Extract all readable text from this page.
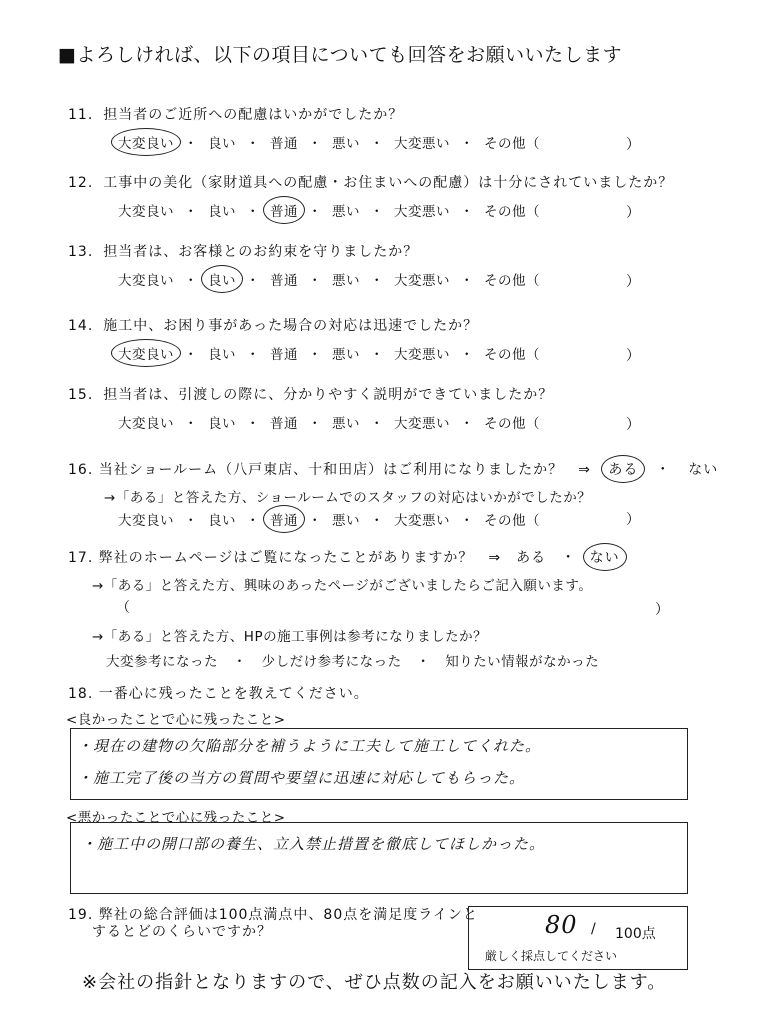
■よろしければ、以下の項目についても回答をお願いいたします
11. 担当者のご近所への配慮はいかがでしたか？
大変良い ・ 良い ・ 普通 ・ 悪い ・ 大変悪い ・ その他（	）
12. 工事中の美化（家財道具への配慮・お住まいへの配慮）は十分にされていましたか？
大変良い ・ 良い ・ 普通 ・ 悪い ・ 大変悪い ・ その他（	）
13. 担当者は、お客様とのお約束を守りましたか？
大変良い ・ 良い ・ 普通 ・ 悪い ・ 大変悪い ・ その他（	）
14. 施工中、お困り事があった場合の対応は迅速でしたか？
大変良い ・ 良い ・ 普通 ・ 悪い ・ 大変悪い ・ その他（	）
15. 担当者は、引渡しの際に、分かりやすく説明ができていましたか？
大変良い ・ 良い ・ 普通 ・ 悪い ・ 大変悪い ・ その他（	）
16. 当社ショールーム（八戸東店、十和田店）はご利用になりましたか？　⇒ ある ・ ない
→「ある」と答えた方、ショールームでのスタッフの対応はいかがでしたか？
大変良い ・ 良い ・ 普通 ・ 悪い ・ 大変悪い ・ その他（	）
17. 弊社のホームページはご覧になったことがありますか？　⇒　ある　・ ない
→「ある」と答えた方、興味のあったページがございましたらご記入願います。
（	）
→「ある」と答えた方、HPの施工事例は参考になりましたか？
大変参考になった ・ 少しだけ参考になった ・ 知りたい情報がなかった
18. 一番心に残ったことを教えてください。
<良かったことで心に残ったこと>
・現在の建物の欠陥部分を補うように工夫して施工してくれた。
・施工完了後の当方の質問や要望に迅速に対応してもらった。
<悪かったことで心に残ったこと>
・施工中の開口部の養生、立入禁止措置を徹底してほしかった。
19. 弊社の総合評価は100点満点中、80点を満足度ラインと
するとどのくらいですか？	80 / 100点
厳しく採点してください
※会社の指針となりますので、ぜひ点数の記入をお願いいたします。
